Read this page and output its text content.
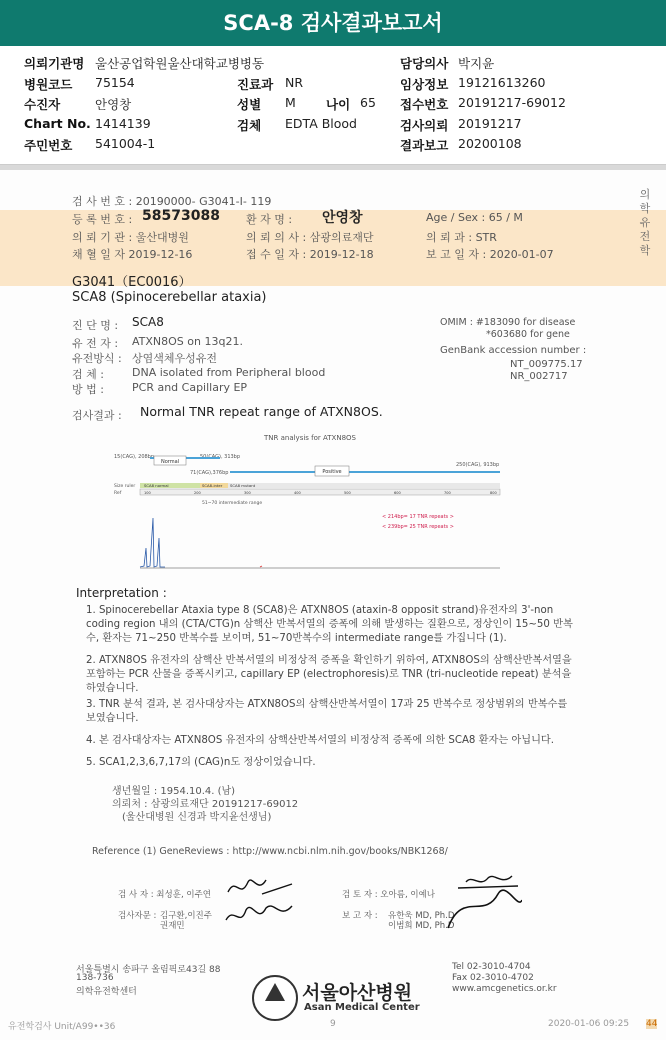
SCA-8 검사결과보고서
의뢰기관명 울산공업학원울산대학교병병동	담당의사 박지윤
병원코드 75154	진료과 NR	임상정보 19121613260
수진자	안영창	성별 M 나이 65 접수번호 20191217-69012
Chart No. 1414139	검체 EDTA Blood	검사의뢰 20191217
주민번호 541004-1	결과보고 20200108
검 사 번 호 : 20190000- G3041-I- 119
등 록 번 호 : 58573088 환 자 명 : 안영창	Age / Sex : 65 / M
의 뢰 기 관 : 울산대병원	의 뢰 의 사 : 삼광의료재단	의 뢰 과 : STR
채 혈 일 자 2019-12-16	접 수 일 자 : 2019-12-18	보 고 일 자 : 2020-01-07
의학유전학
G3041（EC0016）
SCA8 (Spinocerebellar ataxia)
진 단 명 : SCA8
유 전 자 : ATXN8OS on 13q21.
유전방식 : 상염색체우성유전
검 체 :	DNA isolated from Peripheral blood
방 법 :	PCR and Capillary EP
OMIM : #183090 for disease
*603680 for gene
GenBank accession number :
NT_009775.17
NR_002717
검사결과 : Normal TNR repeat range of ATXN8OS.
TNR analysis for ATXN8OS
15(CAG), 208bp	50(CAG), 313bp
71(CAG),376bp
250(CAG), 913bp
Normal
Positive
Size ruler
Ref
SCA8 normal	SCA8-inter SCA8 mutant
100	200	300	400	500	600	700	800
51~70 intermediate range
< 214bp= 17 TNR repeats >
< 239bp= 25 TNR repeats >
Interpretation :
1. Spinocerebellar Ataxia type 8 (SCA8)은 ATXN8OS (ataxin-8 opposit strand)유전자의 3'-non coding region 내의 (CTA/CTG)n 삼핵산 반복서열의 증폭에 의해 발생하는 질환으로, 정상인이 15~50 반복수, 환자는 71~250 반복수를 보이며, 51~70반복수의 intermediate range를 가집니다 (1).
2. ATXN8OS 유전자의 삼핵산 반복서열의 비정상적 증폭을 확인하기 위하여, ATXN8OS의 삼핵산반복서열을 포함하는 PCR 산물을 증폭시키고, capillary EP (electrophoresis)로 TNR (tri-nucleotide repeat) 분석을하였습니다.
3. TNR 분석 결과, 본 검사대상자는 ATXN8OS의 삼핵산반복서열이 17과 25 반복수로 정상범위의 반복수를 보였습니다.
4. 본 검사대상자는 ATXN8OS 유전자의 삼핵산반복서열의 비정상적 증폭에 의한 SCA8 환자는 아닙니다.
5. SCA1,2,3,6,7,17의 (CAG)n도 정상이었습니다.
생년월일 : 1954.10.4. (남)
의뢰처 : 삼광의료재단 20191217-69012
(울산대병원 신경과 박지윤선생님)
Reference (1) GeneReviews : http://www.ncbi.nlm.nih.gov/books/NBK1268/
검 사 자 : 최성훈, 이주연	검 토 자 : 오아름, 이예나
검사자문 : 김구환,이진주
권재민
보 고 자 : 유한욱 MD, Ph.D
이범희 MD, Ph.D
서울특별시 송파구 올림픽로43길 88
138-736
의학유전학센터	서울아산병원
Asan Medical Center
Tel 02-3010-4704
Fax 02-3010-4702
www.amcgenetics.or.kr
유전학검사 Unit/A99••36	9	2020-01-06 09:25 44
